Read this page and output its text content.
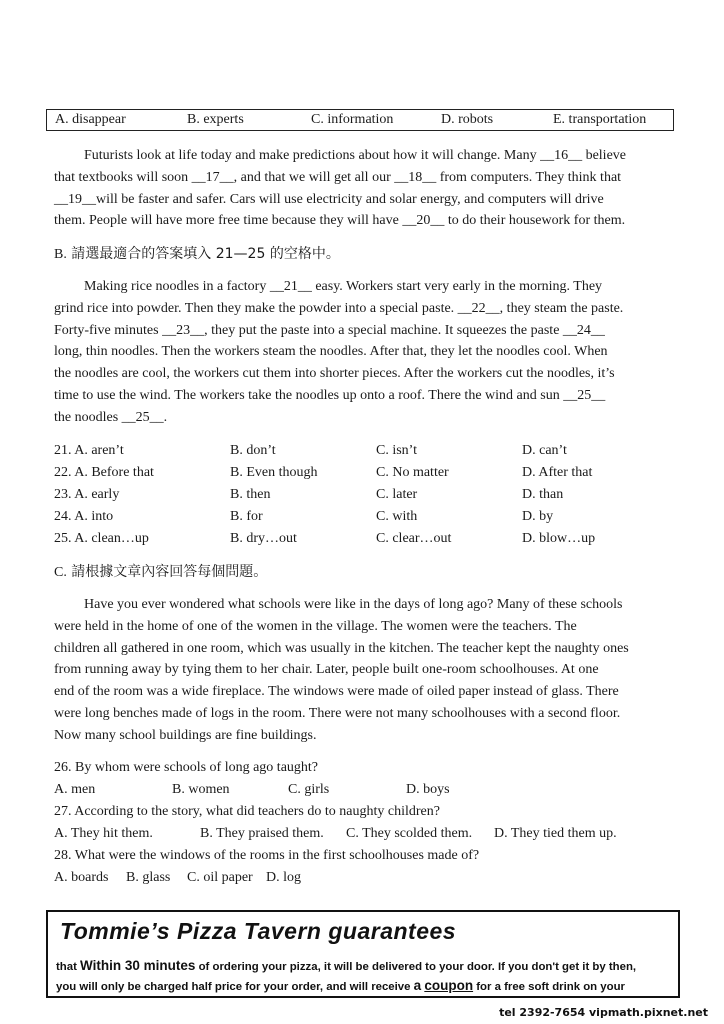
A. disappear	B. experts	C. information	D. robots	E. transportation
Futurists look at life today and make predictions about how it will change. Many __16__ believe
that textbooks will soon __17__, and that we will get all our __18__ from computers. They think that
__19__will be faster and safer. Cars will use electricity and solar energy, and computers will drive
them. People will have more free time because they will have __20__ to do their housework for them.
B. 請選最適合的答案填入 21—25 的空格中。
Making rice noodles in a factory __21__ easy. Workers start very early in the morning. They
grind rice into powder. Then they make the powder into a special paste. __22__, they steam the paste.
Forty-five minutes __23__, they put the paste into a special machine. It squeezes the paste __24__
long, thin noodles. Then the workers steam the noodles. After that, they let the noodles cool. When
the noodles are cool, the workers cut them into shorter pieces. After the workers cut the noodles, it’s
time to use the wind. The workers take the noodles up onto a roof. There the wind and sun __25__
the noodles __25__.
21. A. aren’t	B. don’t	C. isn’t	D. can’t
22. A. Before that	B. Even though	C. No matter	D. After that
23. A. early	B. then	C. later	D. than
24. A. into	B. for	C. with	D. by
25. A. clean…up	B. dry…out	C. clear…out	D. blow…up
C. 請根據文章內容回答每個問題。
Have you ever wondered what schools were like in the days of long ago? Many of these schools
were held in the home of one of the women in the village. The women were the teachers. The
children all gathered in one room, which was usually in the kitchen. The teacher kept the naughty ones
from running away by tying them to her chair. Later, people built one-room schoolhouses. At one
end of the room was a wide fireplace. The windows were made of oiled paper instead of glass. There
were long benches made of logs in the room. There were not many schoolhouses with a second floor.
Now many school buildings are fine buildings.
26. By whom were schools of long ago taught?
A. men	B. women	C. girls	D. boys
27. According to the story, what did teachers do to naughty children?
A. They hit them.	B. They praised them. C. They scolded them. D. They tied them up.
28. What were the windows of the rooms in the first schoolhouses made of?
A. boards B. glass C. oil paper D. log
Tommie’s Pizza Tavern guarantees
that Within 30 minutes of ordering your pizza, it will be delivered to your door. If you don't get it by then,
you will only be charged half price for your order, and will receive a coupon for a free soft drink on your
tel 2392-7654 vipmath.pixnet.net
